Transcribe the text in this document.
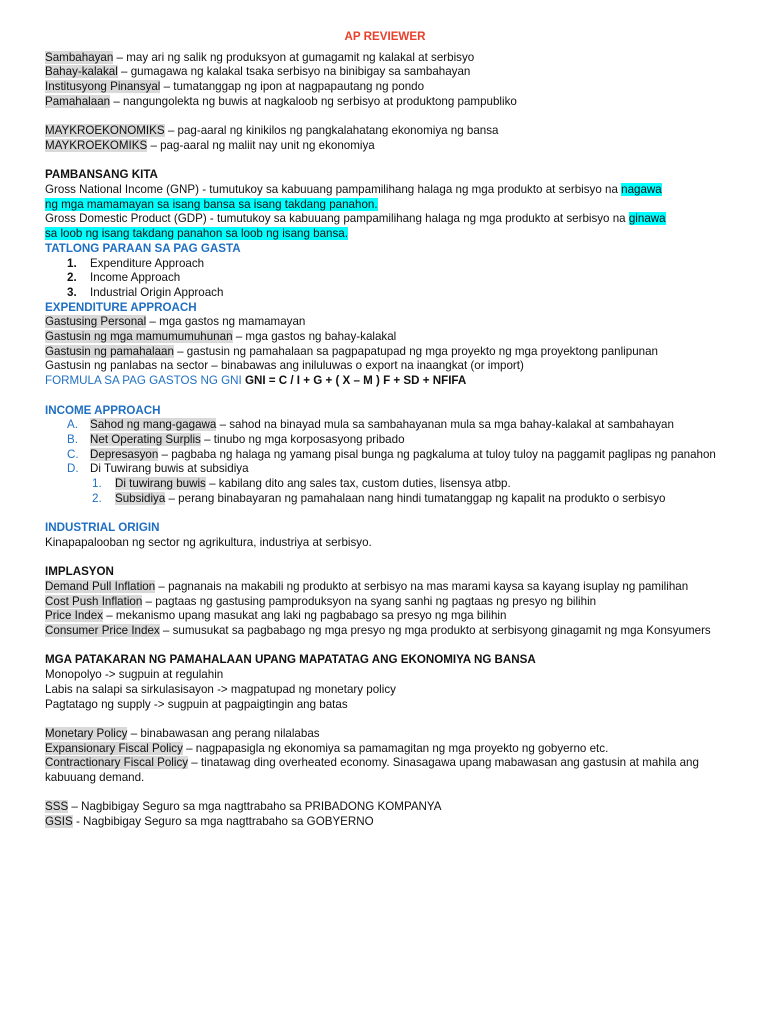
AP REVIEWER
Sambahayan – may ari ng salik ng produksyon at gumagamit ng kalakal at serbisyo
Bahay-kalakal – gumagawa ng kalakal tsaka serbisyo na binibigay sa sambahayan
Institusyong Pinansyal – tumatanggap ng ipon at nagpapautang ng pondo
Pamahalaan – nangungolekta ng buwis at nagkaloob ng serbisyo at produktong pampubliko
MAYKROEKONOMIKS – pag-aaral ng kinikilos ng pangkalahatang ekonomiya ng bansa
MAYKROEKOMIKS – pag-aaral ng maliit nay unit ng ekonomiya
PAMBANSANG KITA
Gross National Income (GNP) - tumutukoy sa kabuuang pampamilihang halaga ng mga produkto at serbisyo na nagawa
ng mga mamamayan sa isang bansa sa isang takdang panahon.
Gross Domestic Product (GDP) - tumutukoy sa kabuuang pampamilihang halaga ng mga produkto at serbisyo na ginawa
sa loob ng isang takdang panahon sa loob ng isang bansa.
TATLONG PARAAN SA PAG GASTA
1. Expenditure Approach
2. Income Approach
3. Industrial Origin Approach
EXPENDITURE APPROACH
Gastusing Personal – mga gastos ng mamamayan
Gastusin ng mga mamumumuhunan – mga gastos ng bahay-kalakal
Gastusin ng pamahalaan – gastusin ng pamahalaan sa pagpapatupad ng mga proyekto ng mga proyektong panlipunan
Gastusin ng panlabas na sector – binabawas ang iniluluwas o export na inaangkat (or import)
FORMULA SA PAG GASTOS NG GNI GNI = C / I + G + ( X – M ) F + SD + NFIFA
INCOME APPROACH
A. Sahod ng mang-gagawa – sahod na binayad mula sa sambahayanan mula sa mga bahay-kalakal at sambahayan
B. Net Operating Surplis – tinubo ng mga korposasyong pribado
C. Depresasyon – pagbaba ng halaga ng yamang pisal bunga ng pagkaluma at tuloy tuloy na paggamit paglipas ng panahon
D. Di Tuwirang buwis at subsidiya
1. Di tuwirang buwis – kabilang dito ang sales tax, custom duties, lisensya atbp.
2. Subsidiya – perang binabayaran ng pamahalaan nang hindi tumatanggap ng kapalit na produkto o serbisyo
INDUSTRIAL ORIGIN
Kinapapalooban ng sector ng agrikultura, industriya at serbisyo.
IMPLASYON
Demand Pull Inflation – pagnanais na makabili ng produkto at serbisyo na mas marami kaysa sa kayang isuplay ng pamilihan
Cost Push Inflation – pagtaas ng gastusing pamproduksyon na syang sanhi ng pagtaas ng presyo ng bilihin
Price Index – mekanismo upang masukat ang laki ng pagbabago sa presyo ng mga bilihin
Consumer Price Index – sumusukat sa pagbabago ng mga presyo ng mga produkto at serbisyong ginagamit ng mga Konsyumers
MGA PATAKARAN NG PAMAHALAAN UPANG MAPATATAG ANG EKONOMIYA NG BANSA
Monopolyo -> sugpuin at regulahin
Labis na salapi sa sirkulasisayon -> magpatupad ng monetary policy
Pagtatago ng supply -> sugpuin at pagpaigtingin ang batas
Monetary Policy – binabawasan ang perang nilalabas
Expansionary Fiscal Policy – nagpapasigla ng ekonomiya sa pamamagitan ng mga proyekto ng gobyerno etc.
Contractionary Fiscal Policy – tinatawag ding overheated economy. Sinasagawa upang mabawasan ang gastusin at mahila ang kabuuang demand.
SSS – Nagbibigay Seguro sa mga nagttrabaho sa PRIBADONG KOMPANYA
GSIS - Nagbibigay Seguro sa mga nagttrabaho sa GOBYERNO
